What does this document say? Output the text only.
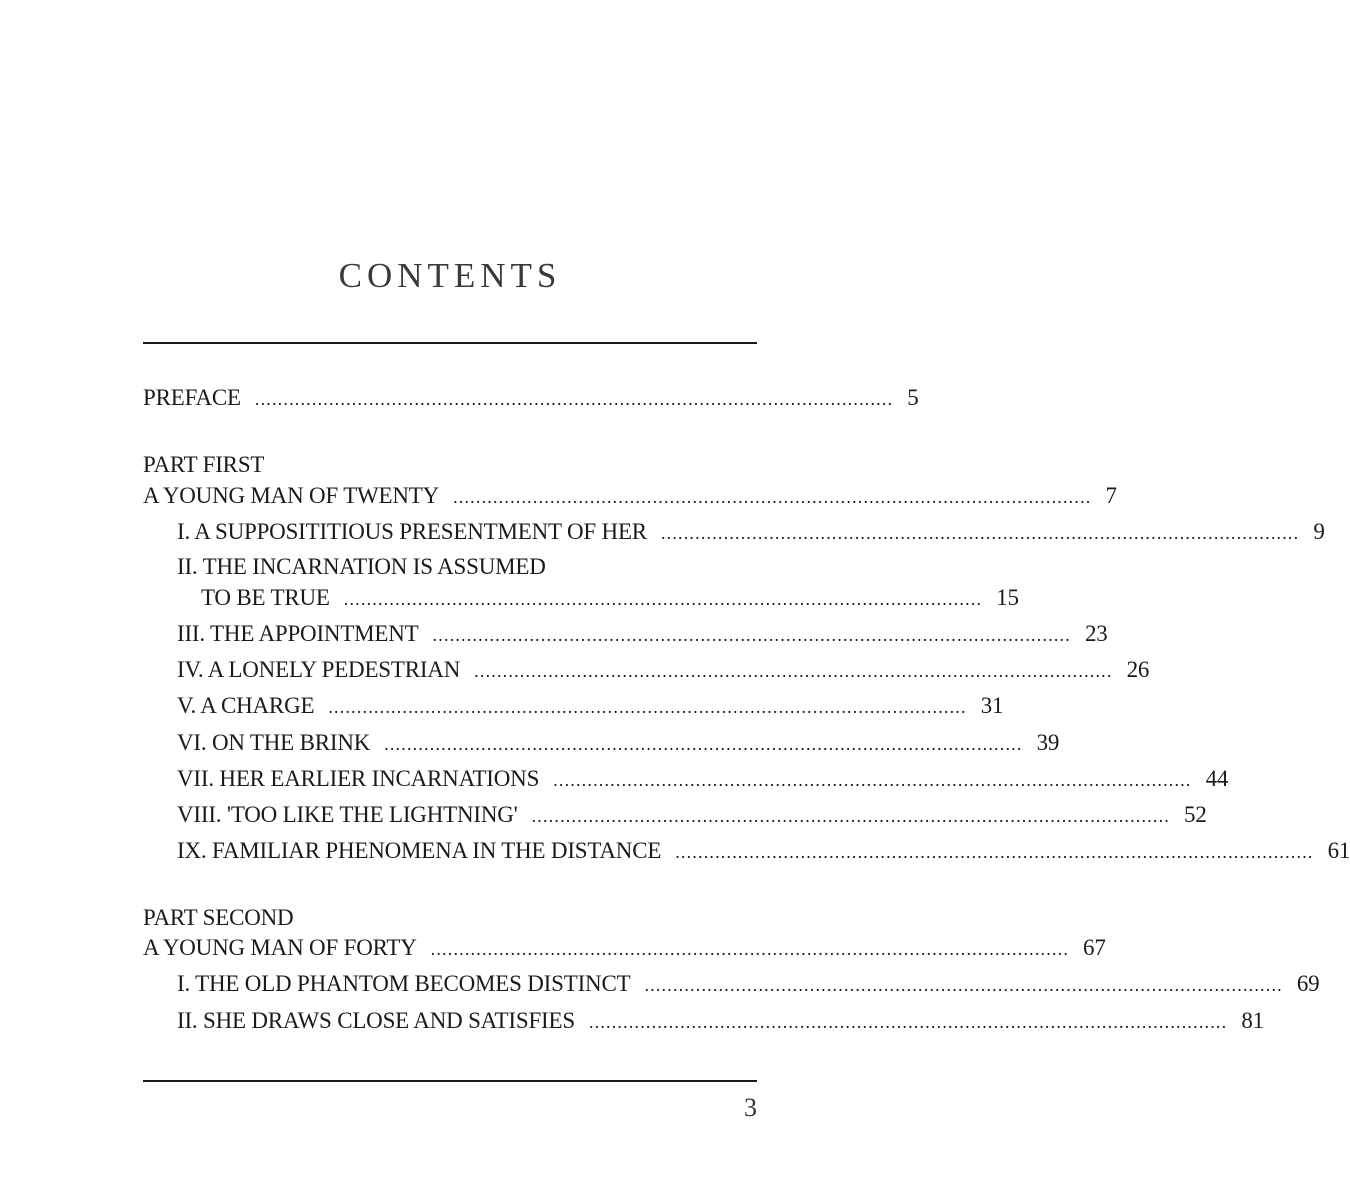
CONTENTS
PREFACE ................................................................................................................ 5
PART FIRST
A YOUNG MAN OF TWENTY ................................................................................................................ 7
I. A SUPPOSITITIOUS PRESENTMENT OF HER ................................................................................................................ 9
II. THE INCARNATION IS ASSUMED
TO BE TRUE ................................................................................................................ 15
III. THE APPOINTMENT ................................................................................................................ 23
IV. A LONELY PEDESTRIAN ................................................................................................................ 26
V. A CHARGE ................................................................................................................ 31
VI. ON THE BRINK ................................................................................................................ 39
VII. HER EARLIER INCARNATIONS ................................................................................................................ 44
VIII. 'TOO LIKE THE LIGHTNING' ................................................................................................................ 52
IX. FAMILIAR PHENOMENA IN THE DISTANCE ................................................................................................................ 61
PART SECOND
A YOUNG MAN OF FORTY ................................................................................................................ 67
I. THE OLD PHANTOM BECOMES DISTINCT ................................................................................................................ 69
II. SHE DRAWS CLOSE AND SATISFIES ................................................................................................................ 81
3
